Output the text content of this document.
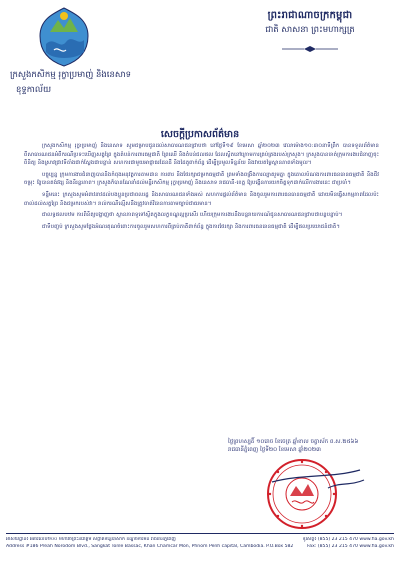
ព្រះរាជាណាចក្រកម្ពុជា
ជាតិ សាសនា ព្រះមហាក្សត្រ
ក្រសួងកសិកម្ម រុក្ខាប្រមាញ់ និងនេសាទ
ខុទ្ទកាល័យ
សេចក្តីប្រកាសព័ត៌មាន

ក្រសួងកសិកម្ម រុក្ខាប្រមាញ់ និងនេសាទ សូមជម្រាបជូនដល់សាធារណជនជ្រាបថា នៅថ្ងៃទី១៩ ខែមេសា ឆ្នាំ២០២៣ វេលាម៉ោង១០:៣០នាទីព្រឹក បានទទួលព័ត៌មានពីសាធារណជនអំពីករណីប្រទះឃើញសត្វព្រៃ ក្នុងតំបន់ការពារធម្មជាតិ ព្រៃឈើ និងតំបន់ជលផល ដែលស្ថិតនៅក្រោមការគ្រប់គ្រងរបស់ក្រសួង។ ក្រសួងបានចាត់ក្រុមការងារជំនាញចុះពិនិត្យ និងស្រាវជ្រាវទីតាំងជាក់ស្តែងជាបន្ទាន់ សហការជាមួយអាជ្ញាធរដែនដី និងដៃគូពាក់ព័ន្ធ ដើម្បីប្រមូលទិន្នន័យ និងវាយតម្លៃស្ថានភាពទាំងមូល។

បច្ចុប្បន្ន ក្រុមការងារជំនាញបាននិងកំពុងអនុវត្តការតាមដាន ការពារ និងថែរក្សាជម្រកធម្មជាតិ ព្រមទាំងពង្រឹងការល្បាតរួមគ្នា ក្នុងគោលបំណងការពារធនធានធម្មជាតិ និងជីវចម្រុះ ឱ្យបានគង់វង្ស និងនិរន្តរភាព។ ក្រសួងក៏បានណែនាំដល់មន្ទីរកសិកម្ម រុក្ខាប្រមាញ់ និងនេសាទ រាជធានី-ខេត្ត ឱ្យបង្កើនការយកចិត្តទុកដាក់លើការងារនេះ ជាប្រចាំ។

ទន្ទឹមនេះ ក្រសួងសូមអំពាវនាវដល់បងប្អូនប្រជាពលរដ្ឋ និងសាធារណជនទាំងអស់ សហការផ្តល់ព័ត៌មាន និងចូលរួមការពារធនធានធម្មជាតិ ដោយមិនធ្វើសកម្មភាពដែលប៉ះពាល់ដល់សត្វព្រៃ និងជម្រករបស់វា។ រាល់ករណីល្មើសនឹងត្រូវចាត់វិធានការតាមច្បាប់ជាធរមាន។

ជាលទ្ធផលបឋម ការពិនិត្យបង្ហាញថា ស្ថានភាពទូទៅស្ថិតក្នុងលក្ខខណ្ឌល្អប្រសើរ ហើយក្រុមការងារនឹងបន្តរាយការណ៍ជូនសាធារណជនជ្រាបជាបន្តបន្ទាប់។

ជាទីបញ្ចប់ ក្រសួងសូមថ្លែងអំណរគុណចំពោះការចូលរួមសហការពីគ្រប់ភាគីពាក់ព័ន្ធ ក្នុងការថែរក្សា និងការពារធនធានធម្មជាតិ ដើម្បីផលប្រយោជន៍ជាតិ។

ថ្ងៃព្រហស្បតិ៍ ១០រោច ខែចេត្រ ឆ្នាំខាល ចត្វាស័ក ព.ស.២៥៦៦
រាជធានីភ្នំពេញ ថ្ងៃទី២០ ខែមេសា ឆ្នាំ២០២៣
អាសយដ្ឋាន៖ អគារលេខ២០០ មហាវិថីព្រះនរោត្តម សង្កាត់ទន្លេបាសាក់ ខណ្ឌចំការមន រាជធានីភ្នំពេញ	ទូរស័ព្ទ៖ (855) 23 215 470 www.fia.gov.kh
Address #186 Preah Norodom Blvd., Sangkat Tonle Bassac, Khan Chamcar Mon, Phnom Penh capital, Cambodia. P.O.Box 582	Fax: (855) 23 215 470 www.fia.gov.kh
